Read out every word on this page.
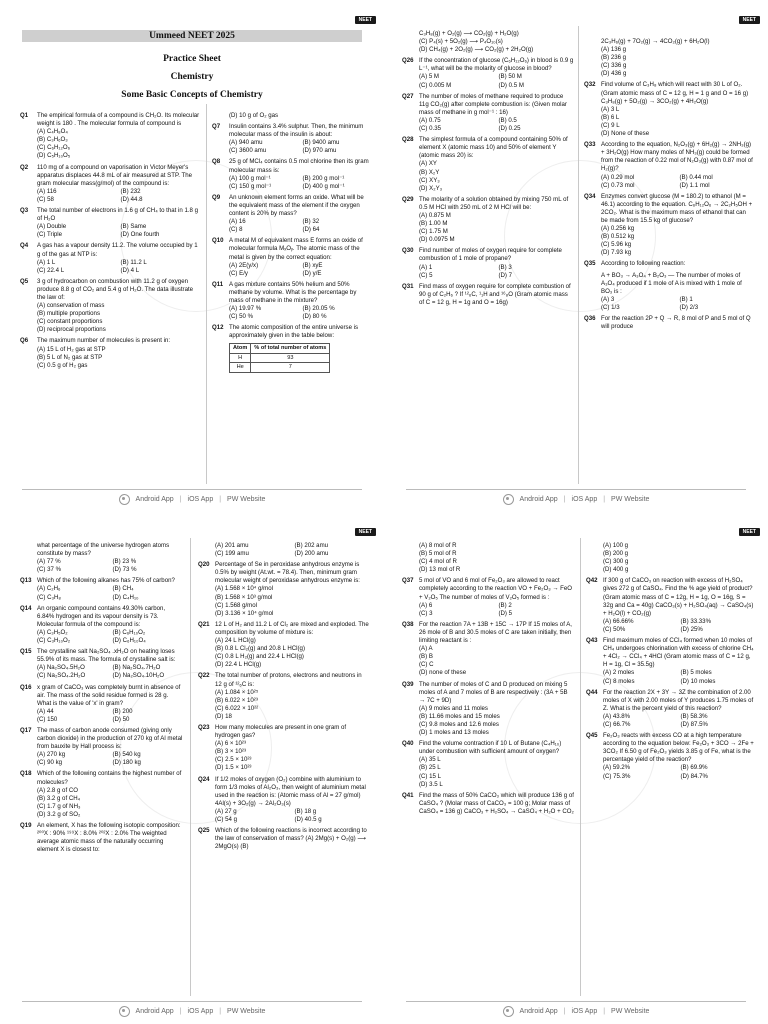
NEET
Ummeed NEET 2025
Practice Sheet
Chemistry
Some Basic Concepts of Chemistry
Q1	The empirical formula of a compound is CH₂O. Its molecular weight is 180 . The molecular formula of compound is
(A) C₄H₈O₄
(B) C₃H₆O₃
(C) C₆H₁₂O₆
(D) C₅H₁₀O₅
Q2	110 mg of a compound on vaporisation in Victor Meyer's apparatus displaces 44.8 mL of air measured at STP. The gram molecular mass(g/mol) of the compound is:
(A) 116	(B) 232
(C) 58	(D) 44.8
Q3	The total number of electrons in 1.6 g of CH₄ to that in 1.8 g of H₂O
(A) Double	(B) Same
(C) Triple	(D) One fourth
Q4	A gas has a vapour density 11.2. The volume occupied by 1 g of the gas at NTP is:
(A) 1 L	(B) 11.2 L
(C) 22.4 L	(D) 4 L
Q5	3 g of hydrocarbon on combustion with 11.2 g of oxygen produce 8.8 g of CO₂ and 5.4 g of H₂O. The data illustrate the law of:
(A) conservation of mass
(B) multiple proportions
(C) constant proportions
(D) reciprocal proportions
Q6	The maximum number of molecules is present in:
(A) 15 L of H₂ gas at STP
(B) 5 L of N₂ gas at STP
(C) 0.5 g of H₂ gas
(D) 10 g of O₂ gas
Q7	Insulin contains 3.4% sulphur. Then, the minimum molecular mass of the insulin is about:
(A) 940 amu	(B) 9400 amu
(C) 3600 amu	(D) 970 amu
Q8	25 g of MCl₄ contains 0.5 mol chlorine then its gram molecular mass is:
(A) 100 g mol⁻¹	(B) 200 g mol⁻¹
(C) 150 g mol⁻¹	(D) 400 g mol⁻¹
Q9	An unknown element forms an oxide. What will be the equivalent mass of the element if the oxygen content is 20% by mass?
(A) 16	(B) 32
(C) 8	(D) 64
Q10 A metal M of equivalent mass E forms an oxide of molecular formula MₓOᵧ. The atomic mass of the metal is given by the correct equation:
(A) 2E(y/x)	(B) xyE
(C) E/y	(D) y/E
Q11 A gas mixture contains 50% helium and 50% methane by volume. What is the percentage by mass of methane in the mixture?
(A) 19.97 %	(B) 20.05 %
(C) 50 %	(D) 80 %
Q12 The atomic composition of the entire universe is approximately given in the table below:
Atom	% of total number of atoms
H	93
He	7
Android App | iOS App | PW Website
NEET
C₃H₈(g) + O₂(g) ⟶ CO₂(g) + H₂O(g)
(C) P₄(s) + 5O₂(g) ⟶ P₄O₁₀(s)
(D) CH₄(g) + 2O₂(g) ⟶ CO₂(g) + 2H₂O(g)
Q26 If the concentration of glucose (C₆H₁₂O₆) in blood is 0.9 g L⁻¹, what will be the molarity of glucose in blood?
(A) 5 M	(B) 50 M
(C) 0.005 M	(D) 0.5 M
Q27 The number of moles of methane required to produce 11g CO₂(g) after complete combustion is: (Given molar mass of methane in g mol⁻¹ : 16)
(A) 0.75	(B) 0.5
(C) 0.35	(D) 0.25
Q28 The simplest formula of a compound containing 50% of element X (atomic mass 10) and 50% of element Y (atomic mass 20) is:
(A) XY
(B) X₂Y
(C) XY₃
(D) X₂Y₃
Q29 The molarity of a solution obtained by mixing 750 mL of 0.5 M HCl with 250 mL of 2 M HCl will be:
(A) 0.875 M
(B) 1.00 M
(C) 1.75 M
(D) 0.0975 M
Q30 Find number of moles of oxygen require for complete combustion of 1 mole of propane?
(A) 1	(B) 3
(C) 5	(D) 7
Q31 Find mass of oxygen require for complete combustion of 90 g of C₂H₆ ? If ¹²₆C, ¹₁H and ¹⁶₈O (Gram atomic mass of C = 12 g, H = 1g and O = 16g)
2C₃H₆(g) + 7O₂(g) → 4CO₂(g) + 6H₂O(l)
(A) 136 g
(B) 236 g
(C) 336 g
(D) 436 g
Q32 Find volume of C₃H₈ which will react with 30 L of O₂. (Gram atomic mass of C = 12 g, H = 1 g and O = 16 g) C₃H₈(g) + 5O₂(g) → 3CO₂(g) + 4H₂O(g)
(A) 3 L
(B) 6 L
(C) 9 L
(D) None of these
Q33 According to the equation, N₂O₃(g) + 6H₂(g) → 2NH₃(g) + 3H₂O(g) How many moles of NH₃(g) could be formed from the reaction of 0.22 mol of N₂O₃(g) with 0.87 mol of H₂(g)?
(A) 0.29 mol	(B) 0.44 mol
(C) 0.73 mol	(D) 1.1 mol
Q34 Enzymes convert glucose (M = 180.2) to ethanol (M = 46.1) according to the equation. C₆H₁₂O₆ → 2C₂H₅OH + 2CO₂. What is the maximum mass of ethanol that can be made from 15.5 kg of glucose?
(A) 0.256 kg
(B) 0.512 kg
(C) 5.96 kg
(D) 7.93 kg
Q35 According to following reaction:
A + BO₃ → A₃O₄ + B₂O₃ — The number of moles of A₃O₄ produced if 1 mole of A is mixed with 1 mole of BO₃ is :
(A) 3	(B) 1
(C) 1/3	(D) 2/3
Q36 For the reaction 2P + Q → R, 8 mol of P and 5 mol of Q will produce
Android App | iOS App | PW Website
NEET
what percentage of the universe hydrogen atoms constitute by mass?
(A) 77 %	(B) 23 %
(C) 37 %	(D) 73 %
Q13 Which of the following alkanes has 75% of carbon?
(A) C₂H₆	(B) CH₄
(C) C₃H₈	(D) C₄H₁₀
Q14 An organic compound contains 49.30% carbon, 6.84% hydrogen and its vapour density is 73. Molecular formula of the compound is:
(A) C₃H₅O₂	(B) C₆H₁₀O₂
(C) C₃H₁₀O₂	(D) C₆H₁₀O₄
Q15 The crystalline salt Na₂SO₄ .xH₂O on heating loses 55.9% of its mass. The formula of crystalline salt is:
(A) Na₂SO₄.5H₂O	(B) Na₂SO₄.7H₂O
(C) Na₂SO₄.2H₂O	(D) Na₂SO₄.10H₂O
Q16 x gram of CaCO₃ was completely burnt in absence of air. The mass of the solid residue formed is 28 g. What is the value of 'x' in gram?
(A) 44	(B) 200
(C) 150	(D) 50
Q17 The mass of carbon anode consumed (giving only carbon dioxide) in the production of 270 kg of Al metal from bauxite by Hall process is:
(A) 270 kg	(B) 540 kg
(C) 90 kg	(D) 180 kg
Q18 Which of the following contains the highest number of molecules?
(A) 2.8 g of CO
(B) 3.2 g of CH₄
(C) 1.7 g of NH₃
(D) 3.2 g of SO₂
Q19 An element, X has the following isotopic composition: ²⁰⁰X : 90% ¹⁹⁹X : 8.0% ²⁰²X : 2.0% The weighted average atomic mass of the naturally occurring element X is closest to:
(A) 201 amu	(B) 202 amu
(C) 199 amu	(D) 200 amu
Q20 Percentage of Se in peroxidase anhydrous enzyme is 0.5% by weight (At.wt. = 78.4). Then, minimum gram molecular weight of peroxidase anhydrous enzyme is:
(A) 1.568 × 10⁴ g/mol
(B) 1.568 × 10³ g/mol
(C) 1.568 g/mol
(D) 3.136 × 10⁴ g/mol
Q21 12 L of H₂ and 11.2 L of Cl₂ are mixed and exploded. The composition by volume of mixture is:
(A) 24 L HCl(g)
(B) 0.8 L Cl₂(g) and 20.8 L HCl(g)
(C) 0.8 L H₂(g) and 22.4 L HCl(g)
(D) 22.4 L HCl(g)
Q22 The total number of protons, electrons and neutrons in 12 g of ¹²₆C is:
(A) 1.084 × 10²⁵
(B) 6.022 × 10²³
(C) 6.022 × 10²²
(D) 18
Q23 How many molecules are present in one gram of hydrogen gas?
(A) 6 × 10²³
(B) 3 × 10²³
(C) 2.5 × 10²³
(D) 1.5 × 10²³
Q24 If 1/2 moles of oxygen (O₂) combine with aluminium to form 1/3 moles of Al₂O₃, then weight of aluminium metal used in the reaction is: (Atomic mass of Al = 27 g/mol) 4Al(s) + 3O₂(g) → 2Al₂O₃(s)
(A) 27 g	(B) 18 g
(C) 54 g	(D) 40.5 g
Q25 Which of the following reactions is incorrect according to the law of conservation of mass? (A) 2Mg(s) + O₂(g) ⟶ 2MgO(s) (B)
Android App | iOS App | PW Website
NEET
(A) 8 mol of R
(B) 5 mol of R
(C) 4 mol of R
(D) 13 mol of R
Q37 5 mol of VO and 6 mol of Fe₂O₃ are allowed to react completely according to the reaction VO + Fe₂O₃ → FeO + V₂O₅ The number of moles of V₂O₅ formed is :
(A) 6	(B) 2
(C) 3	(D) 5
Q38 For the reaction 7A + 13B + 15C → 17P If 15 moles of A, 26 mole of B and 30.5 moles of C are taken initially, then limiting reactant is :
(A) A
(B) B
(C) C
(D) none of these
Q39 The number of moles of C and D produced on mixing 5 moles of A and 7 moles of B are respectively : (3A + 5B → 7C + 9D)
(A) 9 moles and 11 moles
(B) 11.66 moles and 15 moles
(C) 9.8 moles and 12.6 moles
(D) 1 moles and 13 moles
Q40 Find the volume contraction if 10 L of Butane (C₄H₁₀) under combustion with sufficient amount of oxygen?
(A) 35 L
(B) 25 L
(C) 15 L
(D) 3.5 L
Q41 Find the mass of 50% CaCO₃ which will produce 136 g of CaSO₄ ? (Molar mass of CaCO₃ = 100 g; Molar mass of CaSO₄ = 136 g) CaCO₃ + H₂SO₄ → CaSO₄ + H₂O + CO₂
(A) 100 g
(B) 200 g
(C) 300 g
(D) 400 g
Q42 If 300 g of CaCO₃ on reaction with excess of H₂SO₄ gives 272 g of CaSO₄. Find the % age yield of product? (Gram atomic mass of C = 12g, H = 1g, O = 16g, S = 32g and Ca = 40g) CaCO₃(s) + H₂SO₄(aq) → CaSO₄(s) + H₂O(l) + CO₂(g)
(A) 66.66%	(B) 33.33%
(C) 50%	(D) 25%
Q43 Find maximum moles of CCl₄ formed when 10 moles of CH₄ undergoes chlorination with excess of chlorine CH₄ + 4Cl₂ → CCl₄ + 4HCl (Gram atomic mass of C = 12 g, H = 1g, Cl = 35.5g)
(A) 2 moles	(B) 5 moles
(C) 8 moles	(D) 10 moles
Q44 For the reaction 2X + 3Y → 3Z the combination of 2.00 moles of X with 2.00 moles of Y produces 1.75 moles of Z. What is the percent yield of this reaction?
(A) 43.8%	(B) 58.3%
(C) 66.7%	(D) 87.5%
Q45 Fe₂O₃ reacts with excess CO at a high temperature according to the equation below: Fe₂O₃ + 3CO → 2Fe + 3CO₂ If 6.50 g of Fe₂O₃ yields 3.85 g of Fe, what is the percentage yield of the reaction?
(A) 59.2%	(B) 69.9%
(C) 75.3%	(D) 84.7%
Android App | iOS App | PW Website
